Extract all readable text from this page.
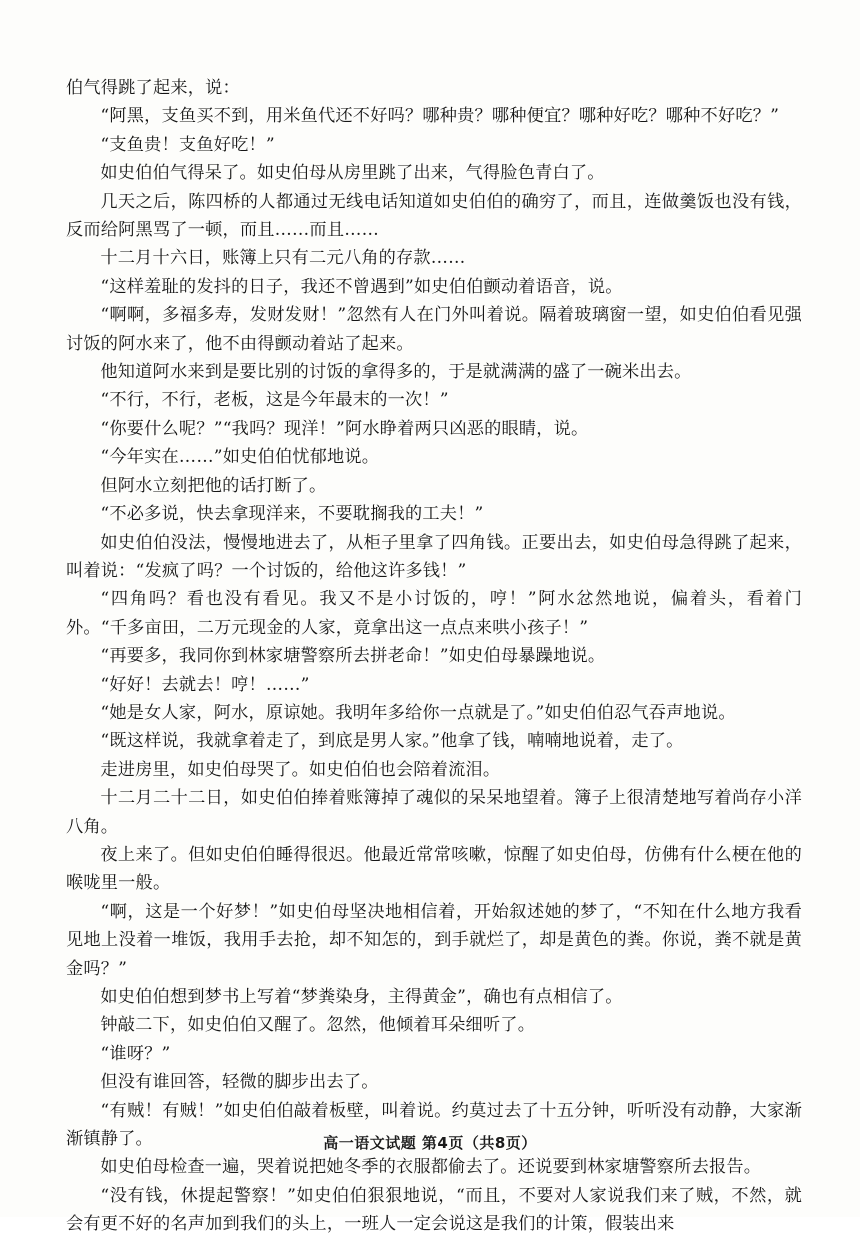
伯气得跳了起来，说：

“阿黑，支鱼买不到，用米鱼代还不好吗？哪种贵？哪种便宜？哪种好吃？哪种不好吃？”

“支鱼贵！支鱼好吃！”

如史伯伯气得呆了。如史伯母从房里跳了出来，气得脸色青白了。

几天之后，陈四桥的人都通过无线电话知道如史伯伯的确穷了，而且，连做羹饭也没有钱，反而给阿黑骂了一顿，而且……而且……

十二月十六日，账簿上只有二元八角的存款……

“这样羞耻的发抖的日子，我还不曾遇到”如史伯伯颤动着语音，说。

“啊啊，多福多寿，发财发财！”忽然有人在门外叫着说。隔着玻璃窗一望，如史伯伯看见强讨饭的阿水来了，他不由得颤动着站了起来。

他知道阿水来到是要比别的讨饭的拿得多的，于是就满满的盛了一碗米出去。

“不行，不行，老板，这是今年最末的一次！”

“你要什么呢？”“我吗？现洋！”阿水睁着两只凶恶的眼睛，说。

“今年实在……”如史伯伯忧郁地说。

但阿水立刻把他的话打断了。

“不必多说，快去拿现洋来，不要耽搁我的工夫！”

如史伯伯没法，慢慢地进去了，从柜子里拿了四角钱。正要出去，如史伯母急得跳了起来，叫着说：“发疯了吗？一个讨饭的，给他这许多钱！”

“四角吗？看也没有看见。我又不是小讨饭的，哼！”阿水忿然地说，偏着头，看着门外。“千多亩田，二万元现金的人家，竟拿出这一点点来哄小孩子！”

“再要多，我同你到林家塘警察所去拼老命！”如史伯母暴躁地说。

“好好！去就去！哼！……”

“她是女人家，阿水，原谅她。我明年多给你一点就是了。”如史伯伯忍气吞声地说。

“既这样说，我就拿着走了，到底是男人家。”他拿了钱，喃喃地说着，走了。

走进房里，如史伯母哭了。如史伯伯也会陪着流泪。

十二月二十二日，如史伯伯捧着账簿掉了魂似的呆呆地望着。簿子上很清楚地写着尚存小洋八角。

夜上来了。但如史伯伯睡得很迟。他最近常常咳嗽，惊醒了如史伯母，仿佛有什么梗在他的喉咙里一般。

“啊，这是一个好梦！”如史伯母坚决地相信着，开始叙述她的梦了，“不知在什么地方我看见地上没着一堆饭，我用手去抢，却不知怎的，到手就烂了，却是黄色的粪。你说，粪不就是黄金吗？”

如史伯伯想到梦书上写着“梦粪染身，主得黄金”，确也有点相信了。

钟敲二下，如史伯伯又醒了。忽然，他倾着耳朵细听了。

“谁呀？”

但没有谁回答，轻微的脚步出去了。

“有贼！有贼！”如史伯伯敲着板壁，叫着说。约莫过去了十五分钟，听听没有动静，大家渐渐镇静了。

如史伯母检查一遍，哭着说把她冬季的衣服都偷去了。还说要到林家塘警察所去报告。

“没有钱，休提起警察！”如史伯伯狠狠地说，“而且，不要对人家说我们来了贼，不然，就会有更不好的名声加到我们的头上，一班人一定会说这是我们的计策，假装出来

高一语文试题 第4页（共8页）
